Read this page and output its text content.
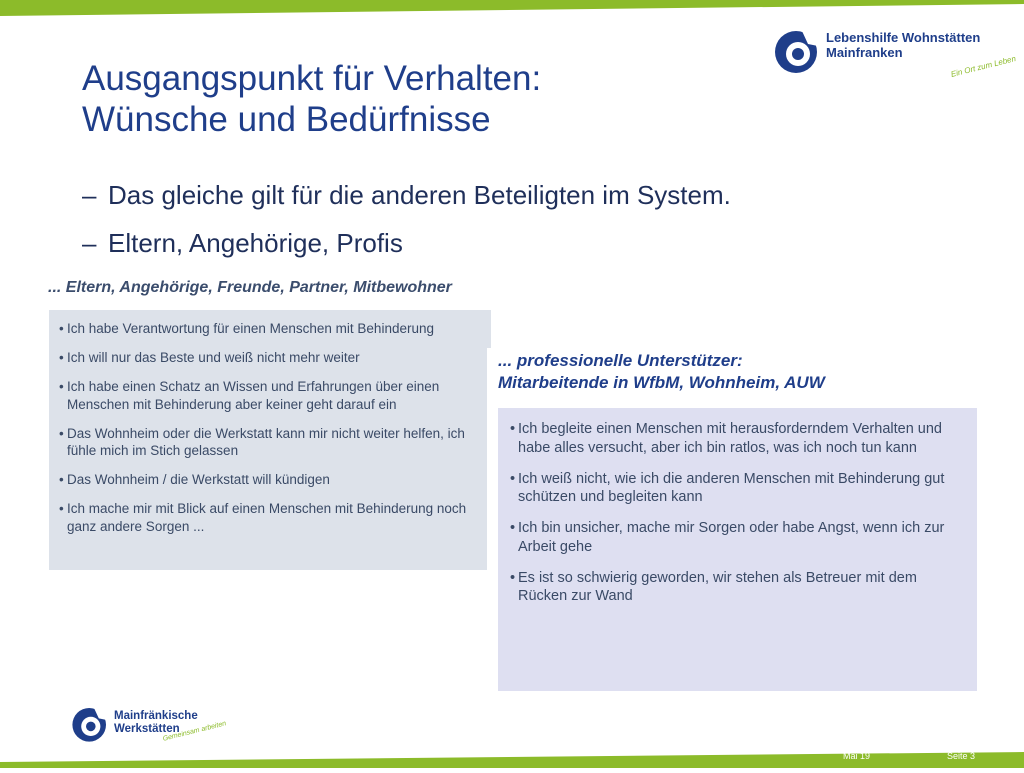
Lebenshilfe Wohnstätten
Mainfranken
Ein Ort zum Leben
Ausgangspunkt für Verhalten:
Wünsche und Bedürfnisse
– Das gleiche gilt für die anderen Beteiligten im System.
– Eltern, Angehörige, Profis
... Eltern, Angehörige, Freunde, Partner, Mitbewohner
• Ich habe Verantwortung für einen Menschen mit Behinderung
• Ich will nur das Beste und weiß nicht mehr weiter
• Ich habe einen Schatz an Wissen und Erfahrungen über einen Menschen mit Behinderung aber keiner geht darauf ein
• Das Wohnheim oder die Werkstatt kann mir nicht weiter helfen, ich fühle mich im Stich gelassen
• Das Wohnheim / die Werkstatt will kündigen
• Ich mache mir mit Blick auf einen Menschen mit Behinderung noch ganz andere Sorgen ...
... professionelle Unterstützer:
Mitarbeitende in WfbM, Wohnheim, AUW
• Ich begleite einen Menschen mit herausforderndem Verhalten und habe alles versucht, aber ich bin ratlos, was ich noch tun kann
• Ich weiß nicht, wie ich die anderen Menschen mit Behinderung gut schützen und begleiten kann
• Ich bin unsicher, mache mir Sorgen oder habe Angst, wenn ich zur Arbeit gehe
• Es ist so schwierig geworden, wir stehen als Betreuer mit dem Rücken zur Wand
Mainfränkische
Werkstätten
Gemeinsam arbeiten
Mai 19	Seite 3
